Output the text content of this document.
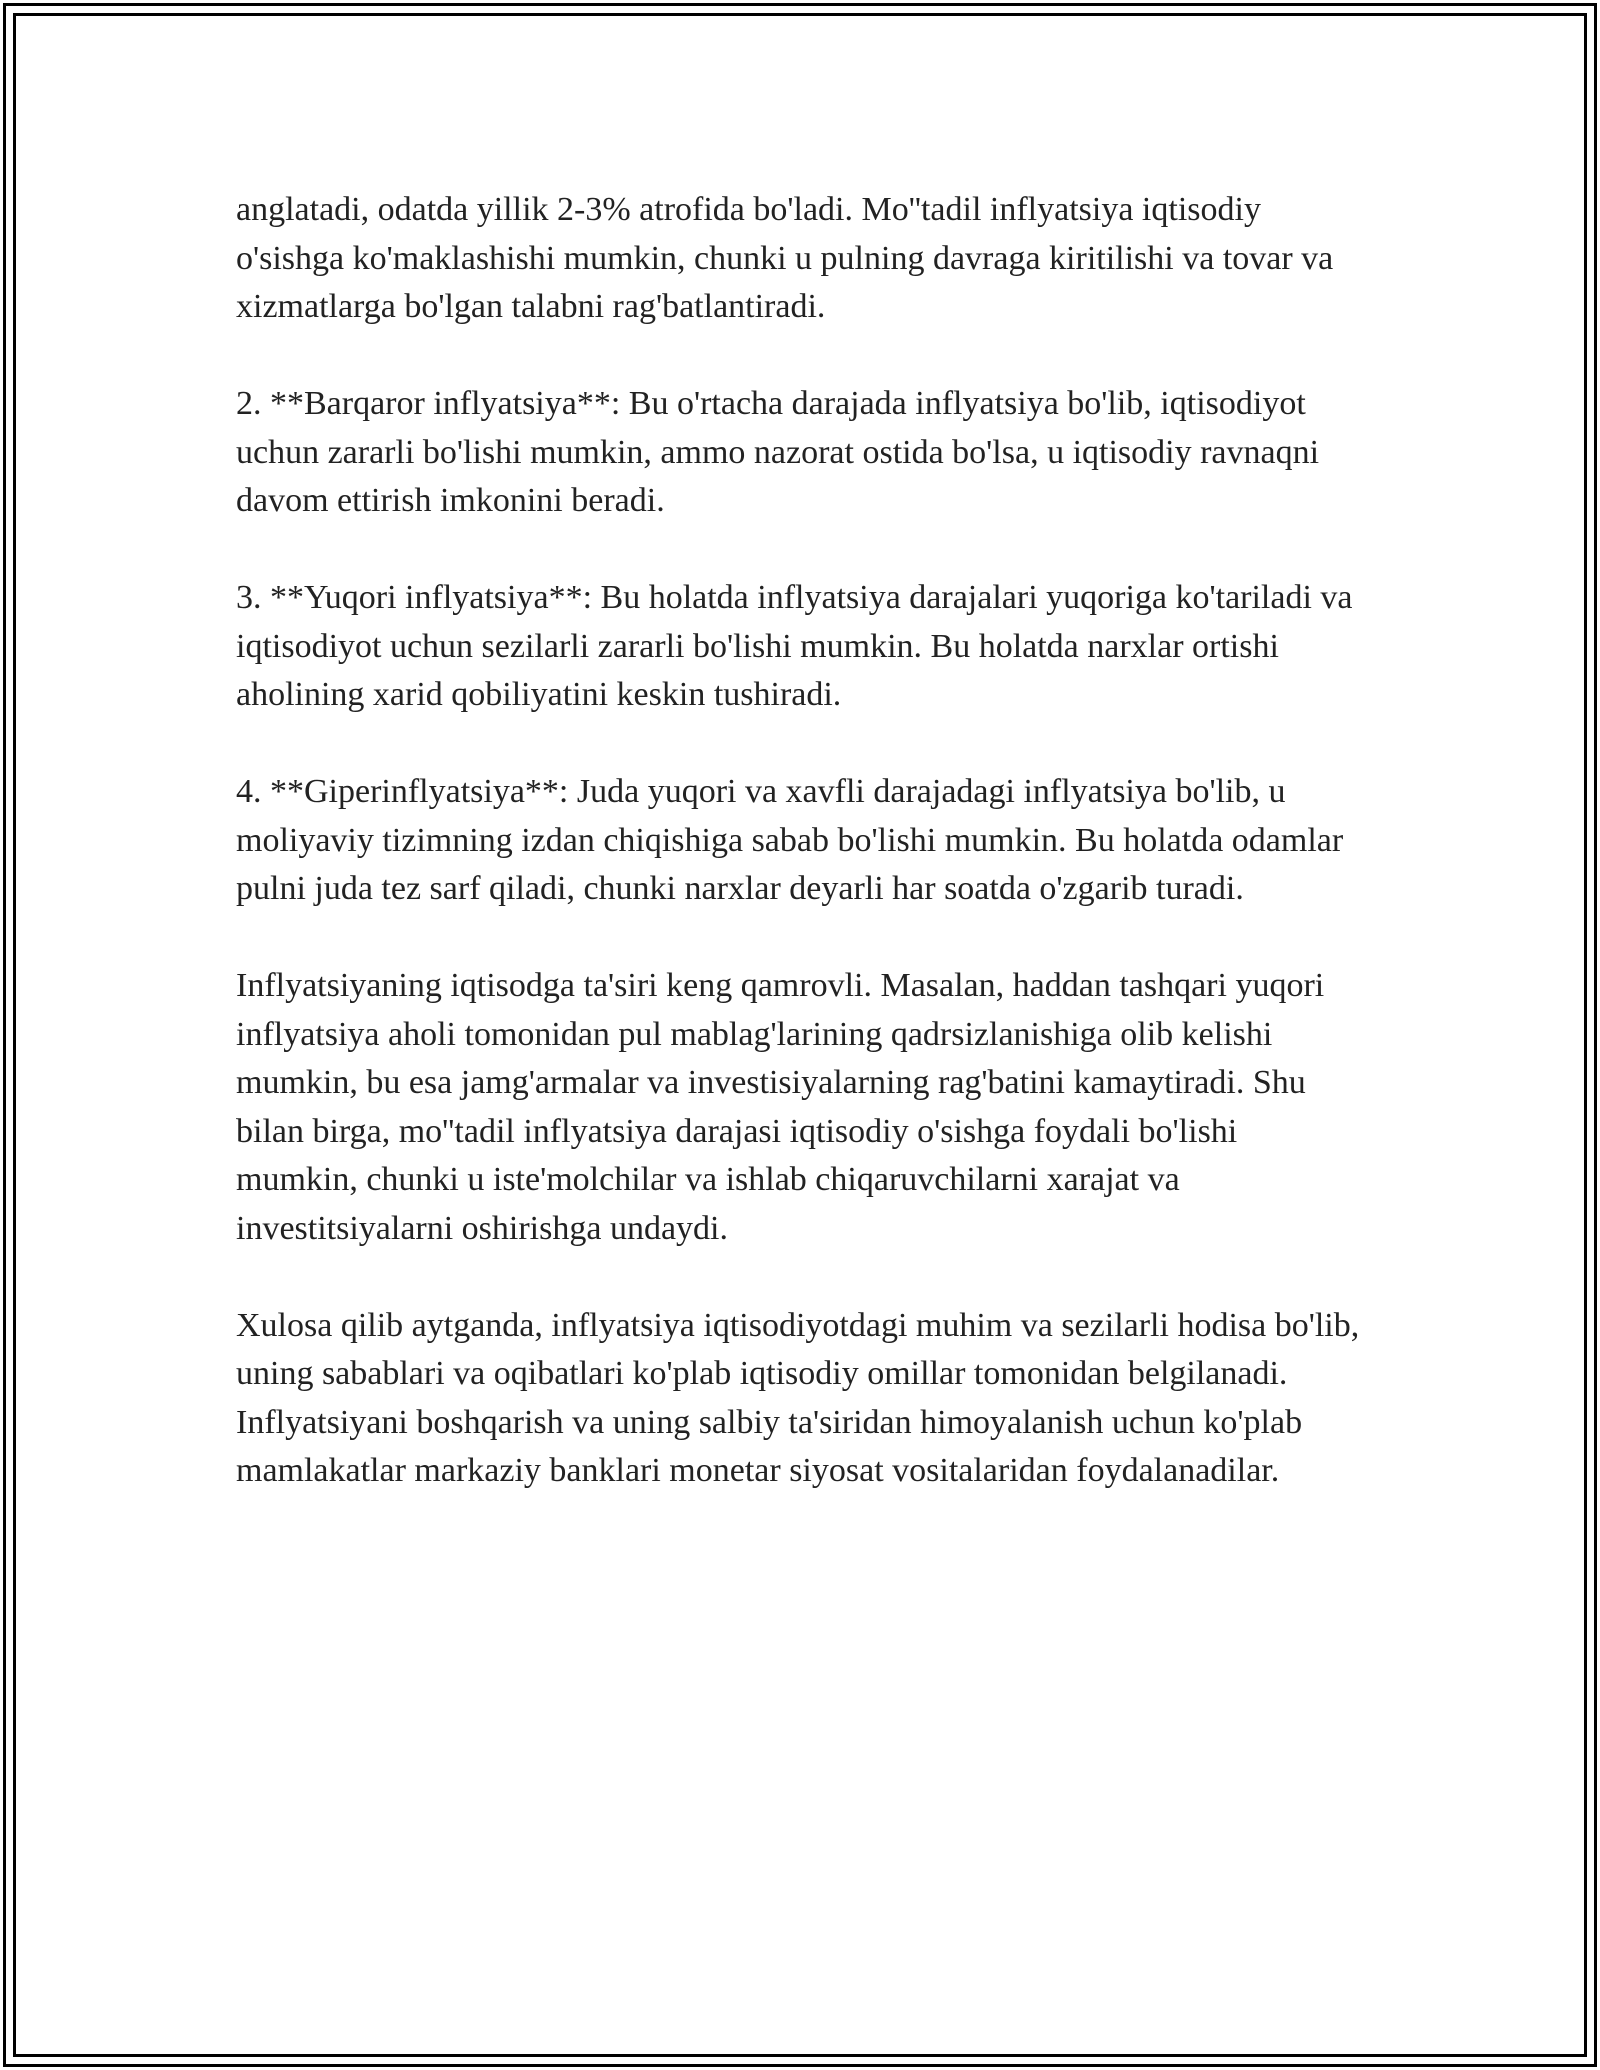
anglatadi, odatda yillik 2-3% atrofida bo'ladi. Mo''tadil inflyatsiya iqtisodiy o'sishga ko'maklashishi mumkin, chunki u pulning davraga kiritilishi va tovar va xizmatlarga bo'lgan talabni rag'batlantiradi.

2. **Barqaror inflyatsiya**: Bu o'rtacha darajada inflyatsiya bo'lib, iqtisodiyot uchun zararli bo'lishi mumkin, ammo nazorat ostida bo'lsa, u iqtisodiy ravnaqni davom ettirish imkonini beradi.

3. **Yuqori inflyatsiya**: Bu holatda inflyatsiya darajalari yuqoriga ko'tariladi va iqtisodiyot uchun sezilarli zararli bo'lishi mumkin. Bu holatda narxlar ortishi aholining xarid qobiliyatini keskin tushiradi.

4. **Giperinflyatsiya**: Juda yuqori va xavfli darajadagi inflyatsiya bo'lib, u moliyaviy tizimning izdan chiqishiga sabab bo'lishi mumkin. Bu holatda odamlar pulni juda tez sarf qiladi, chunki narxlar deyarli har soatda o'zgarib turadi.

Inflyatsiyaning iqtisodga ta'siri keng qamrovli. Masalan, haddan tashqari yuqori inflyatsiya aholi tomonidan pul mablag'larining qadrsizlanishiga olib kelishi mumkin, bu esa jamg'armalar va investisiyalarning rag'batini kamaytiradi. Shu bilan birga, mo''tadil inflyatsiya darajasi iqtisodiy o'sishga foydali bo'lishi mumkin, chunki u iste'molchilar va ishlab chiqaruvchilarni xarajat va investitsiyalarni oshirishga undaydi.

Xulosa qilib aytganda, inflyatsiya iqtisodiyotdagi muhim va sezilarli hodisa bo'lib, uning sabablari va oqibatlari ko'plab iqtisodiy omillar tomonidan belgilanadi. Inflyatsiyani boshqarish va uning salbiy ta'siridan himoyalanish uchun ko'plab mamlakatlar markaziy banklari monetar siyosat vositalaridan foydalanadilar.
